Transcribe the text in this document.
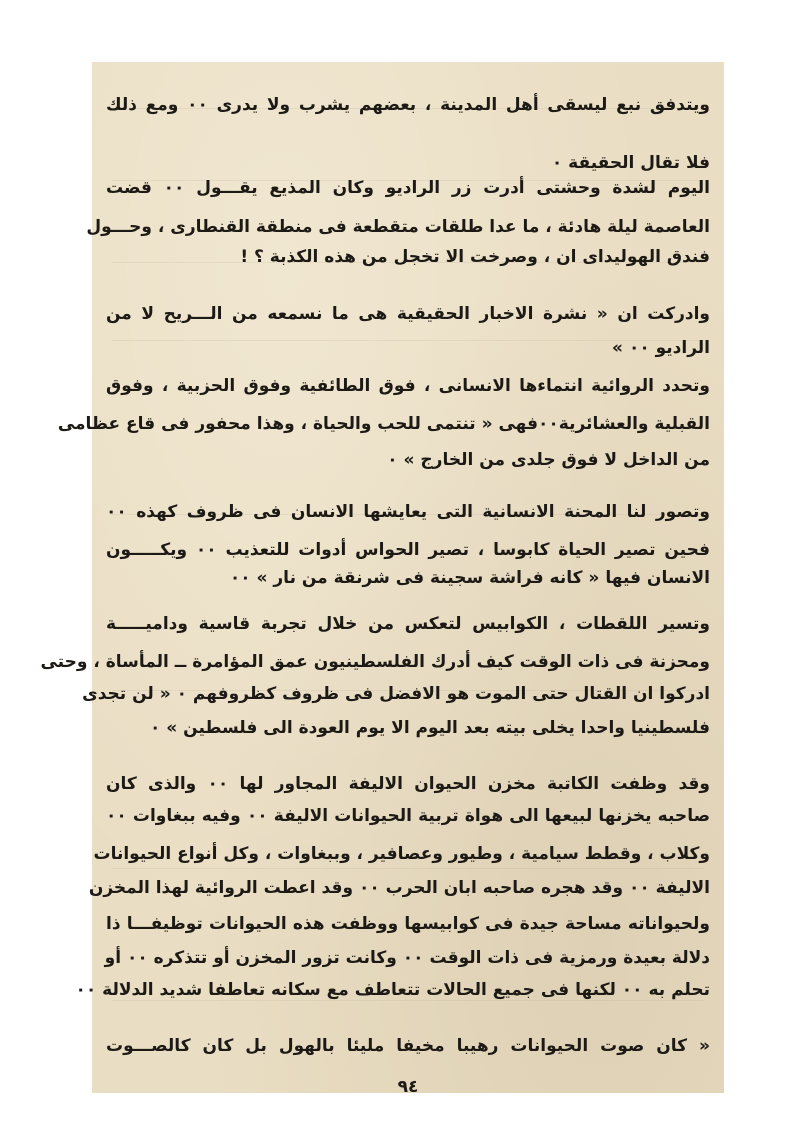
ويتدفق نبع ليسقى أهل المدينة ، بعضهم يشرب ولا يدرى ٠٠ ومع ذلك
فلا تقال الحقيقة ٠
اليوم لشدة وحشتى أدرت زر الراديو وكان المذيع يقـــول ٠٠ قضت
العاصمة ليلة هادئة ، ما عدا طلقات متقطعة فى منطقة القنطارى ، وحـــول
فندق الهوليداى ان ، وصرخت الا تخجل من هذه الكذبة ؟ !
وادركت ان « نشرة الاخبار الحقيقية هى ما نسمعه من الـــريح لا من
الراديو ٠٠ »
وتحدد الروائية انتماءها الانسانى ، فوق الطائفية وفوق الحزبية ، وفوق
القبلية والعشائرية٠٠فهى « تنتمى للحب والحياة ، وهذا محفور فى قاع عظامى
من الداخل لا فوق جلدى من الخارج » ٠
وتصور لنا المحنة الانسانية التى يعايشها الانسان فى ظروف كهذه ٠٠
فحين تصير الحياة كابوسا ، تصير الحواس أدوات للتعذيب ٠٠ ويكـــــون
الانسان فيها « كانه فراشة سجينة فى شرنقة من نار » ٠٠
وتسير اللقطات ، الكوابيس لتعكس من خلال تجربة قاسية وداميـــــة
ومحزنة فى ذات الوقت كيف أدرك الفلسطينيون عمق المؤامرة ــ المأساة ، وحتى
ادركوا ان القتال حتى الموت هو الافضل فى ظروف كظروفهم ٠ « لن تجدى
فلسطينيا واحدا يخلى بيته بعد اليوم الا يوم العودة الى فلسطين » ٠
وقد وظفت الكاتبة مخزن الحيوان الاليفة المجاور لها ٠٠ والذى كان
صاحبه يخزنها لبيعها الى هواة تربية الحيوانات الاليفة ٠٠ وفيه ببغاوات ٠٠
وكلاب ، وقطط سيامية ، وطيور وعصافير ، وببغاوات ، وكل أنواع الحيوانات
الاليفة ٠٠ وقد هجره صاحبه ابان الحرب ٠٠ وقد اعطت الروائية لهذا المخزن
ولحيواناته مساحة جيدة فى كوابيسها ووظفت هذه الحيوانات توظيفـــا ذا
دلالة بعيدة ورمزية فى ذات الوقت ٠٠ وكانت تزور المخزن أو تتذكره ٠٠ أو
تحلم به ٠٠ لكنها فى جميع الحالات تتعاطف مع سكانه تعاطفا شديد الدلالة ٠٠
« كان صوت الحيوانات رهيبا مخيفا مليئا بالهول بل كان كالصـــوت
٩٤
